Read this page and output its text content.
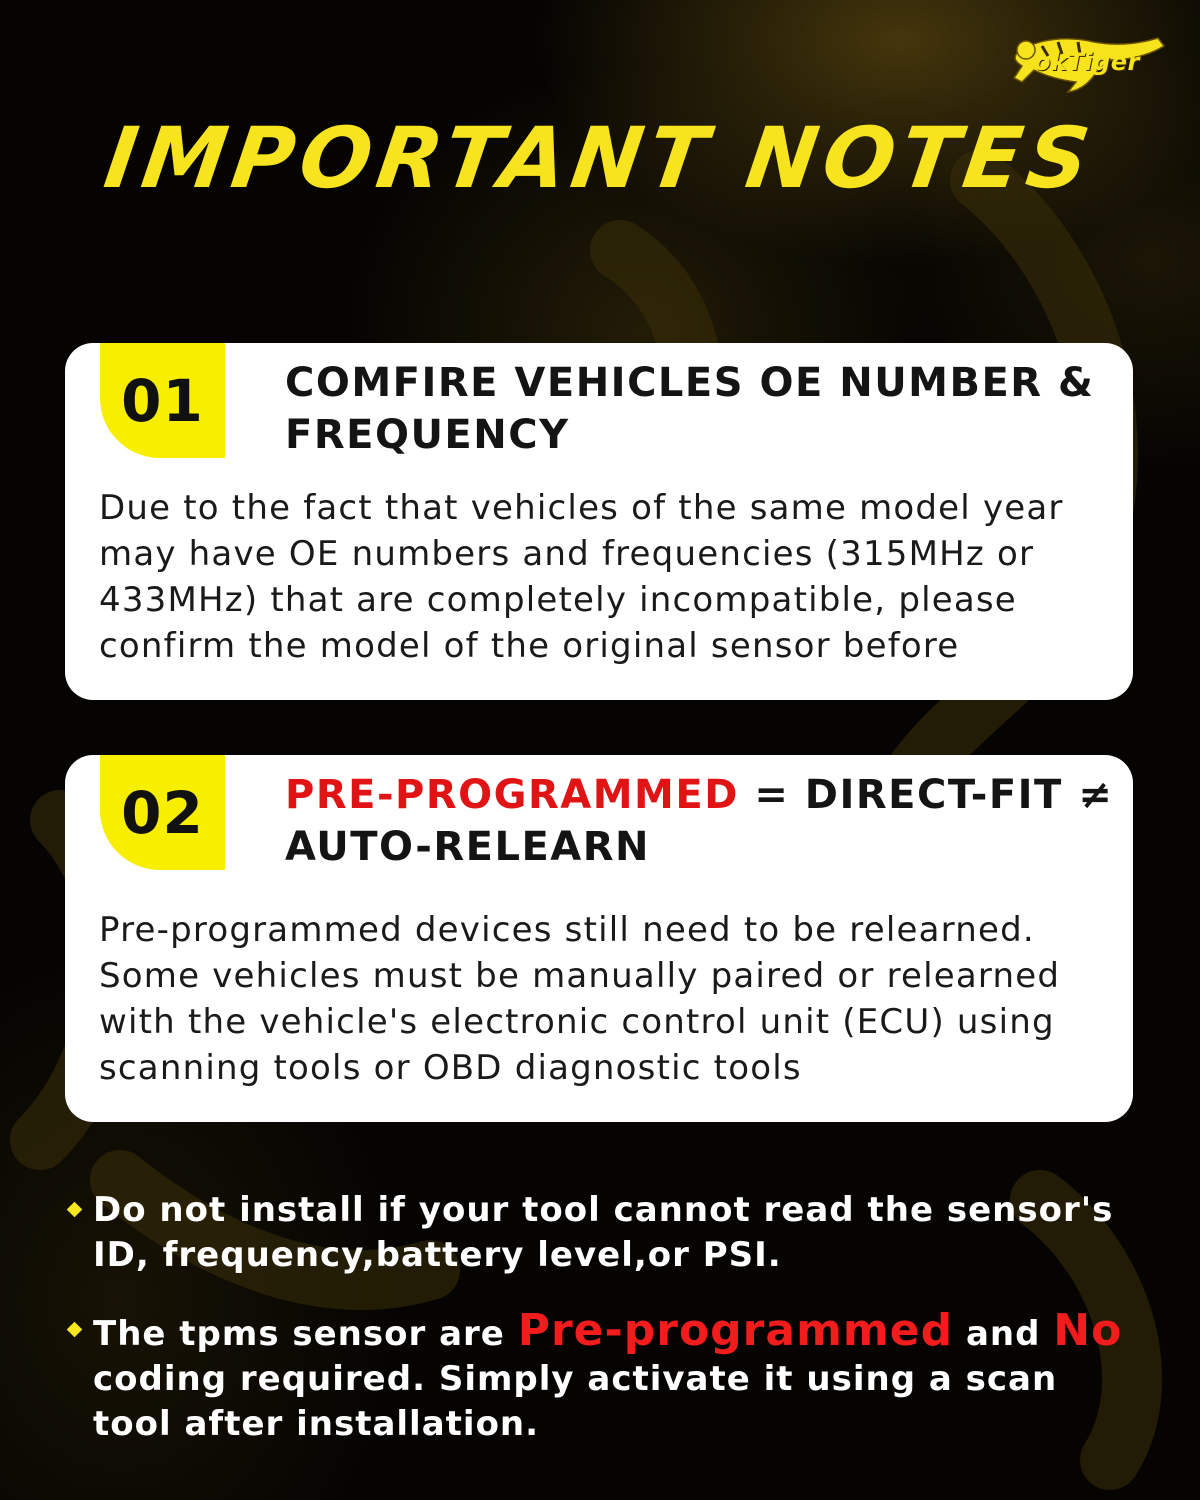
okTiger
IMPORTANT NOTES
01 COMFIRE VEHICLES OE NUMBER & FREQUENCY
Due to the fact that vehicles of the same model year may have OE numbers and frequencies (315MHz or 433MHz) that are completely incompatible, please confirm the model of the original sensor before
02 PRE-PROGRAMMED = DIRECT-FIT ≠ AUTO-RELEARN
Pre-programmed devices still need to be relearned. Some vehicles must be manually paired or relearned with the vehicle's electronic control unit (ECU) using scanning tools or OBD diagnostic tools
Do not install if your tool cannot read the sensor's ID, frequency,battery level,or PSI.
The tpms sensor are Pre-programmed and No coding required. Simply activate it using a scan tool after installation.
